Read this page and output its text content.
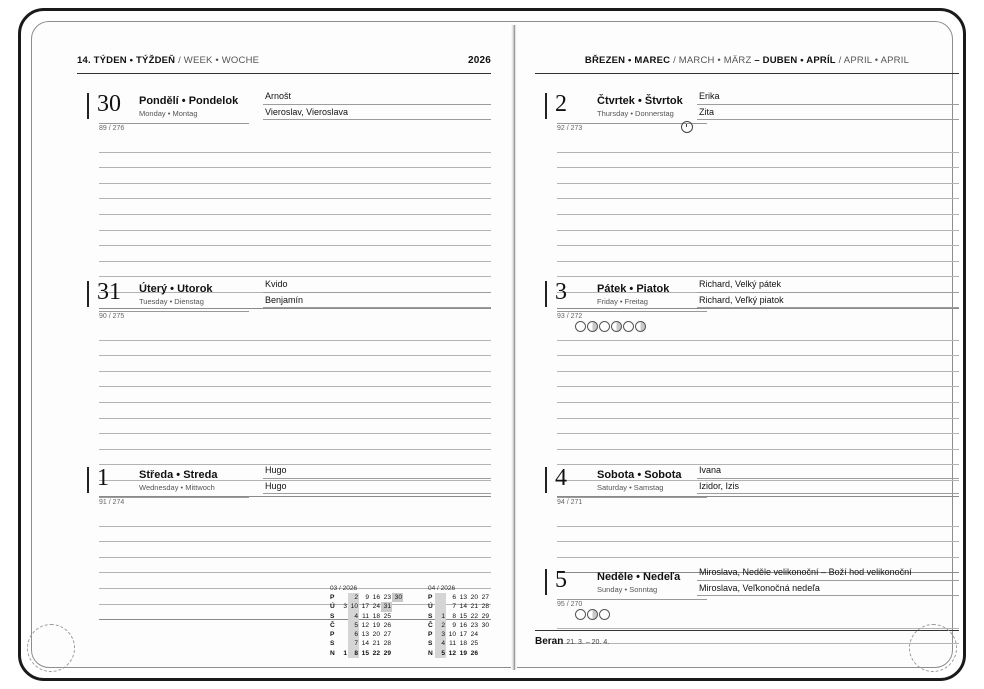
14. TÝDEN • TÝŽDEŇ / WEEK • WOCHE	2026
30 Pondělí • Pondelok
Monday • Montag
89 / 276
Arnošt
Vieroslav, Vieroslava
31 Úterý • Utorok
Tuesday • Dienstag
90 / 275
Kvido
Benjamín
1	Středa • Streda
Wednesday • Mittwoch
91 / 274
Hugo
Hugo
03 / 2026
P		2	9	16	23	30
Ú	3	10	17	24	31	
S		4	11	18	25	
Č		5	12	19	26	
P		6	13	20	27	
S		7	14	21	28	
N	1	8	15	22	29	
04 / 2026
P		6	13	20	27
Ú		7	14	21	28
S	1	8	15	22	29
Č	2	9	16	23	30
P	3	10	17	24	
S	4	11	18	25	
N	5	12	19	26	
BŘEZEN • MAREC / MARCH • MÄRZ – DUBEN • APRÍL / APRIL • APRIL
2	Čtvrtek • Štvrtok
Thursday • Donnerstag
92 / 273
Erika
Zita
3	Pátek • Piatok
Friday • Freitag
93 / 272

Richard, Velký pátek
Richard, Veľký piatok
4	Sobota • Sobota
Saturday • Samstag
94 / 271
Ivana
Izidor, Izis
5	Neděle • Nedeľa
Sunday • Sonntag
95 / 270

Miroslava, Neděle velikonoční – Boží hod velikonoční
Miroslava, Veľkonočná nedeľa
Beran 21. 3. – 20. 4.
